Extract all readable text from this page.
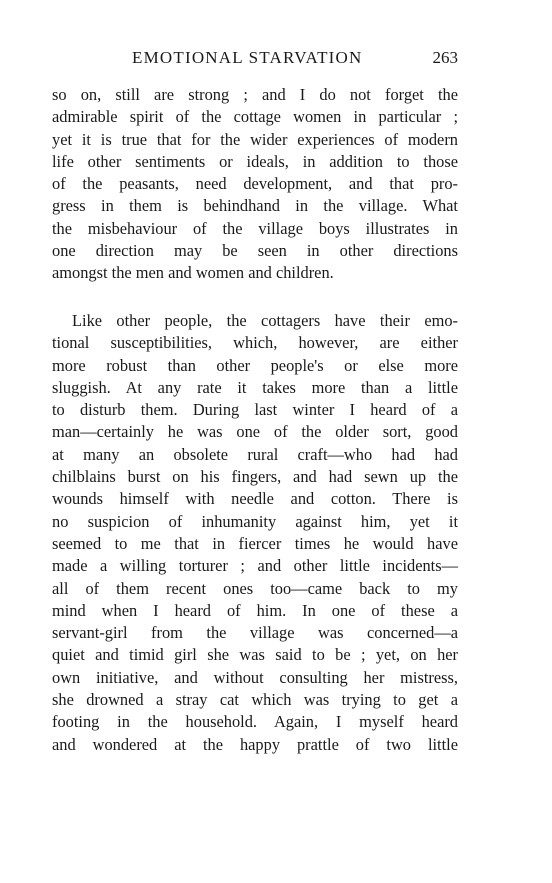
EMOTIONAL STARVATION	263
so on, still are strong ; and I do not forget the
admirable spirit of the cottage women in particular ;
yet it is true that for the wider experiences of modern
life other sentiments or ideals, in addition to those
of the peasants, need development, and that pro-
gress in them is behindhand in the village. What
the misbehaviour of the village boys illustrates in
one direction may be seen in other directions
amongst the men and women and children.
Like other people, the cottagers have their emo-
tional susceptibilities, which, however, are either
more robust than other people's or else more
sluggish. At any rate it takes more than a little
to disturb them. During last winter I heard of a
man—certainly he was one of the older sort, good
at many an obsolete rural craft—who had had
chilblains burst on his fingers, and had sewn up the
wounds himself with needle and cotton. There is
no suspicion of inhumanity against him, yet it
seemed to me that in fiercer times he would have
made a willing torturer ; and other little incidents—
all of them recent ones too—came back to my
mind when I heard of him. In one of these a
servant-girl from the village was concerned—a
quiet and timid girl she was said to be ; yet, on her
own initiative, and without consulting her mistress,
she drowned a stray cat which was trying to get a
footing in the household. Again, I myself heard
and wondered at the happy prattle of two little
